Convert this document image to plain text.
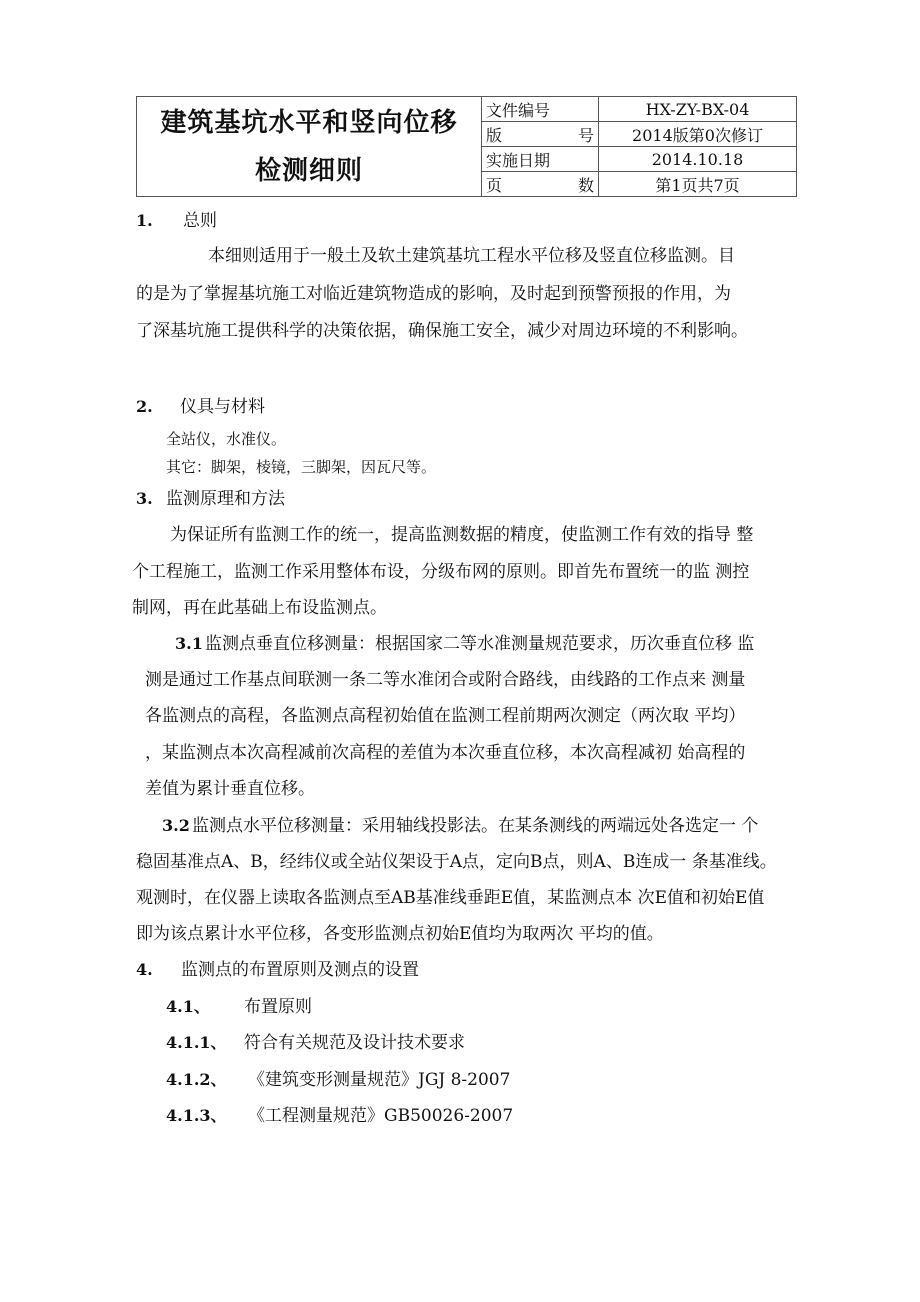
建筑基坑水平和竖向位移
检测细则	文件编号	HX-ZY-BX-04

	版 号	2014版第0次修订
	实施日期	2014.10.18

	页 数	第1页共7页
1. 总则
本细则适用于一般土及软土建筑基坑工程水平位移及竖直位移监测。目
的是为了掌握基坑施工对临近建筑物造成的影响，及时起到预警预报的作用，为
了深基坑施工提供科学的决策依据，确保施工安全，减少对周边环境的不利影响。
2. 仪具与材料
全站仪，水准仪。
其它：脚架，棱镜，三脚架，因瓦尺等。
3. 监测原理和方法
为保证所有监测工作的统一，提高监测数据的精度，使监测工作有效的指导 整
个工程施工，监测工作采用整体布设，分级布网的原则。即首先布置统一的监 测控
制网，再在此基础上布设监测点。
3.1 监测点垂直位移测量：根据国家二等水准测量规范要求，历次垂直位移 监
测是通过工作基点间联测一条二等水准闭合或附合路线，由线路的工作点来 测量
各监测点的高程，各监测点高程初始值在监测工程前期两次测定（两次取 平均）
，某监测点本次高程减前次高程的差值为本次垂直位移，本次高程减初 始高程的
差值为累计垂直位移。
3.2 监测点水平位移测量：采用轴线投影法。在某条测线的两端远处各选定一 个
稳固基准点A、B，经纬仪或全站仪架设于A点，定向B点，则A、B连成一 条基准线。
观测时，在仪器上读取各监测点至AB基准线垂距E值，某监测点本 次E值和初始E值
即为该点累计水平位移，各变形监测点初始E值均为取两次 平均的值。
4. 监测点的布置原则及测点的设置
4.1、 布置原则
4.1.1、 符合有关规范及设计技术要求
4.1.2、 《建筑变形测量规范》JGJ 8-2007
4.1.3、 《工程测量规范》GB50026-2007
